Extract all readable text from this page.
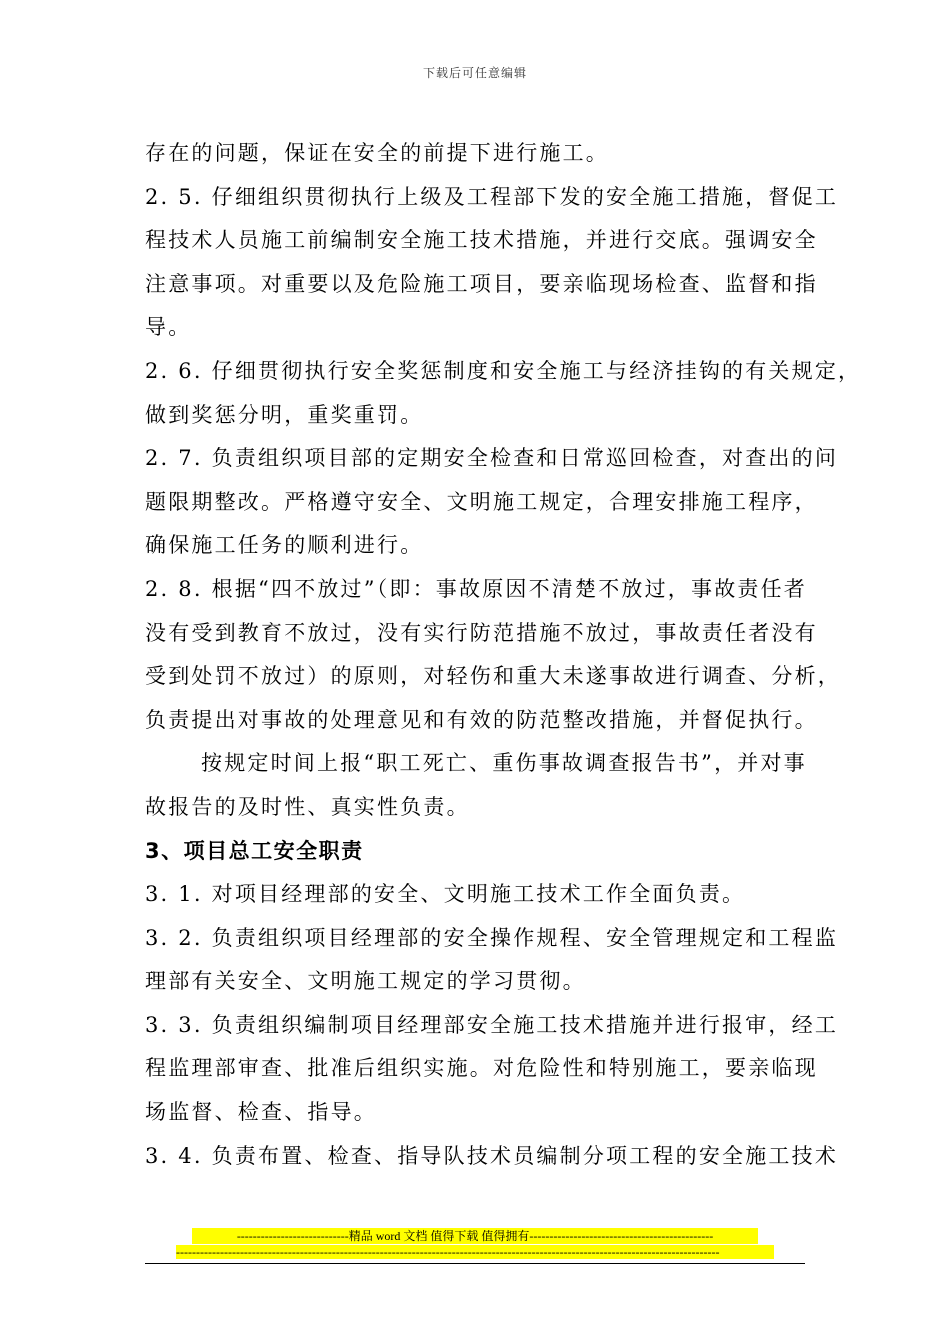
下载后可任意编辑
存在的问题，保证在安全的前提下进行施工。
2. 5. 仔细组织贯彻执行上级及工程部下发的安全施工措施，督促工
程技术人员施工前编制安全施工技术措施，并进行交底。强调安全
注意事项。对重要以及危险施工项目，要亲临现场检查、监督和指
导。
2. 6. 仔细贯彻执行安全奖惩制度和安全施工与经济挂钩的有关规定，
做到奖惩分明，重奖重罚。
2. 7. 负责组织项目部的定期安全检查和日常巡回检查，对查出的问
题限期整改。严格遵守安全、文明施工规定，合理安排施工程序，
确保施工任务的顺利进行。
2. 8. 根据“四不放过”（即：事故原因不清楚不放过，事故责任者
没有受到教育不放过，没有实行防范措施不放过，事故责任者没有
受到处罚不放过）的原则，对轻伤和重大未遂事故进行调查、分析，
负责提出对事故的处理意见和有效的防范整改措施，并督促执行。
按规定时间上报“职工死亡、重伤事故调查报告书”，并对事
故报告的及时性、真实性负责。
3、项目总工安全职责
3. 1. 对项目经理部的安全、文明施工技术工作全面负责。
3. 2. 负责组织项目经理部的安全操作规程、安全管理规定和工程监
理部有关安全、文明施工规定的学习贯彻。
3. 3. 负责组织编制项目经理部安全施工技术措施并进行报审，经工
程监理部审查、批准后组织实施。对危险性和特别施工，要亲临现
场监督、检查、指导。
3. 4. 负责布置、检查、指导队技术员编制分项工程的安全施工技术
----------------------------精品 word 文档 值得下载 值得拥有----------------------------------------------
----------------------------------------------------------------------------------------------------------------------------------------
